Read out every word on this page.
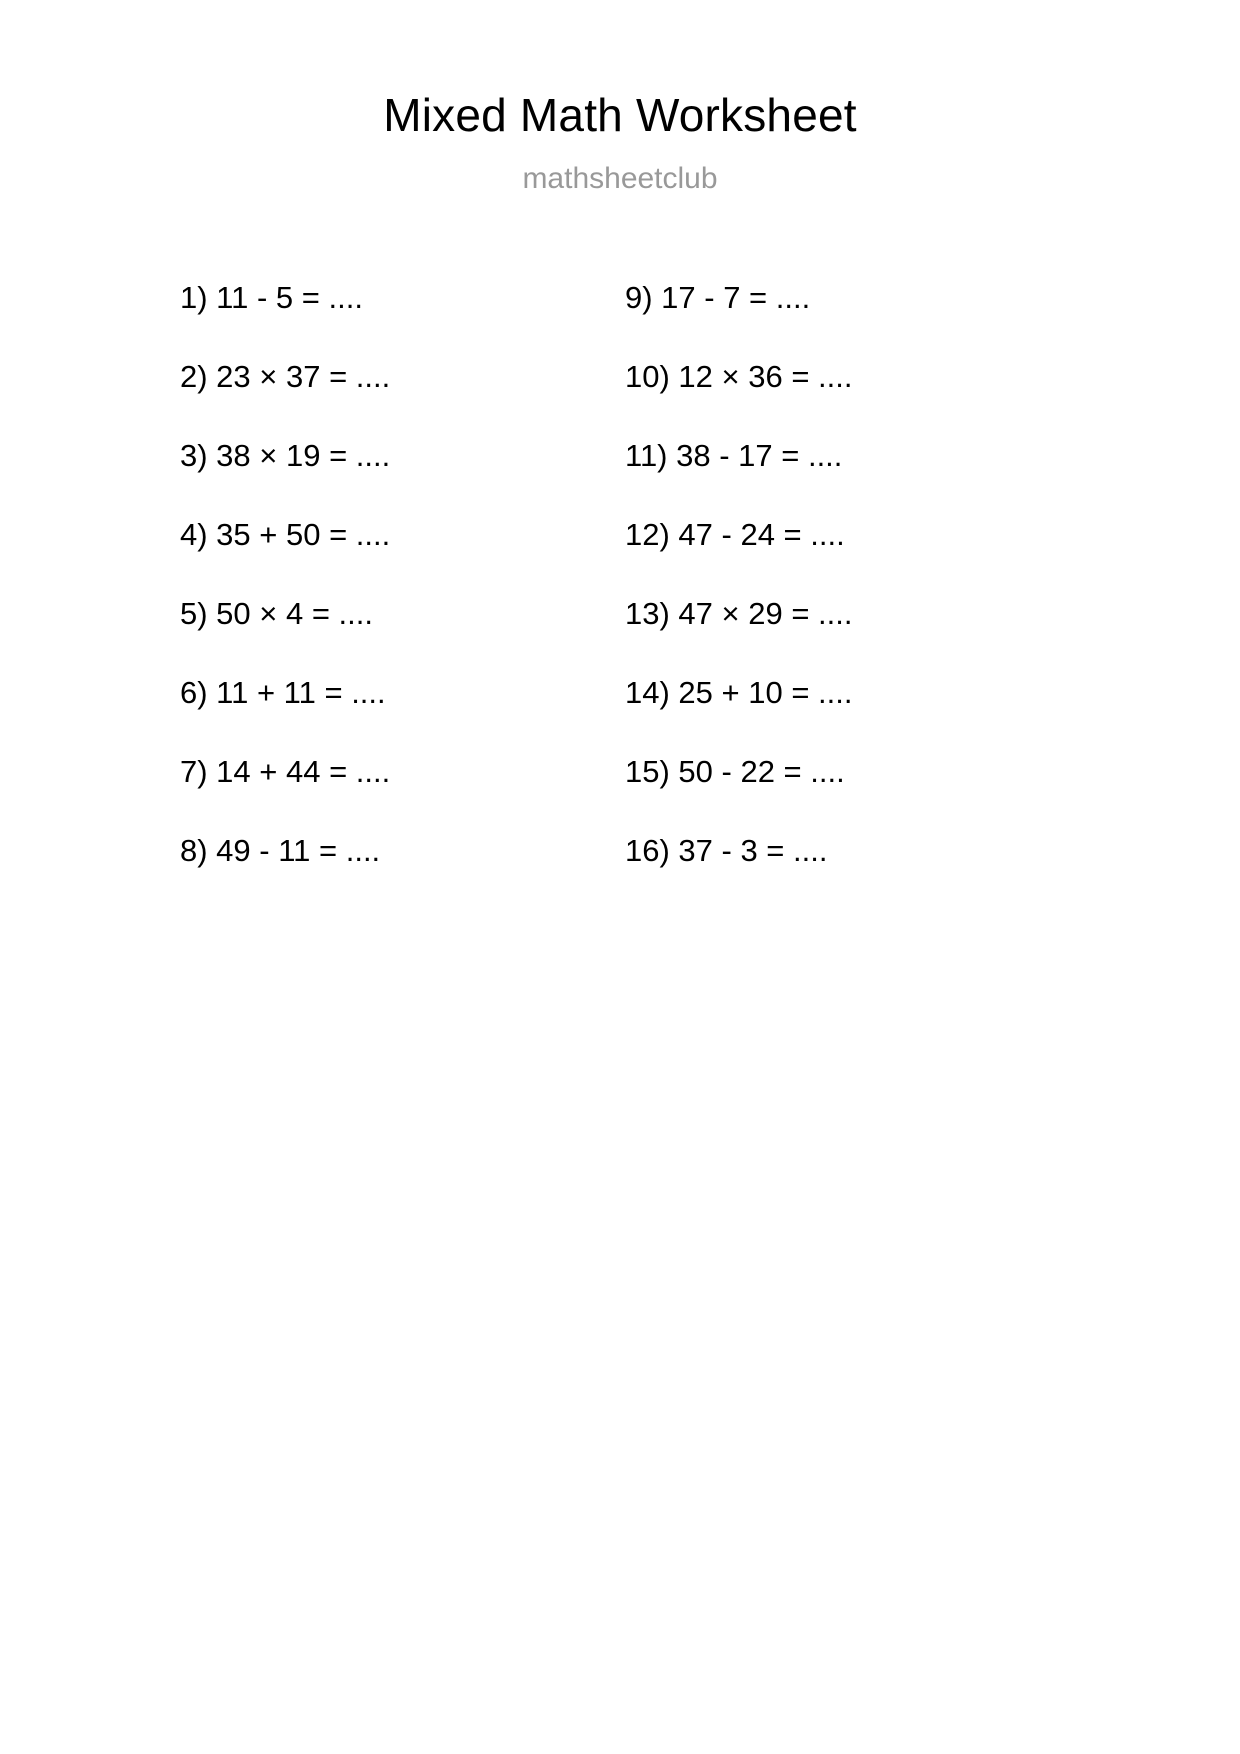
Mixed Math Worksheet
mathsheetclub
1) 11 - 5 = ....
2) 23 × 37 = ....
3) 38 × 19 = ....
4) 35 + 50 = ....
5) 50 × 4 = ....
6) 11 + 11 = ....
7) 14 + 44 = ....
8) 49 - 11 = ....
9) 17 - 7 = ....
10) 12 × 36 = ....
11) 38 - 17 = ....
12) 47 - 24 = ....
13) 47 × 29 = ....
14) 25 + 10 = ....
15) 50 - 22 = ....
16) 37 - 3 = ....
